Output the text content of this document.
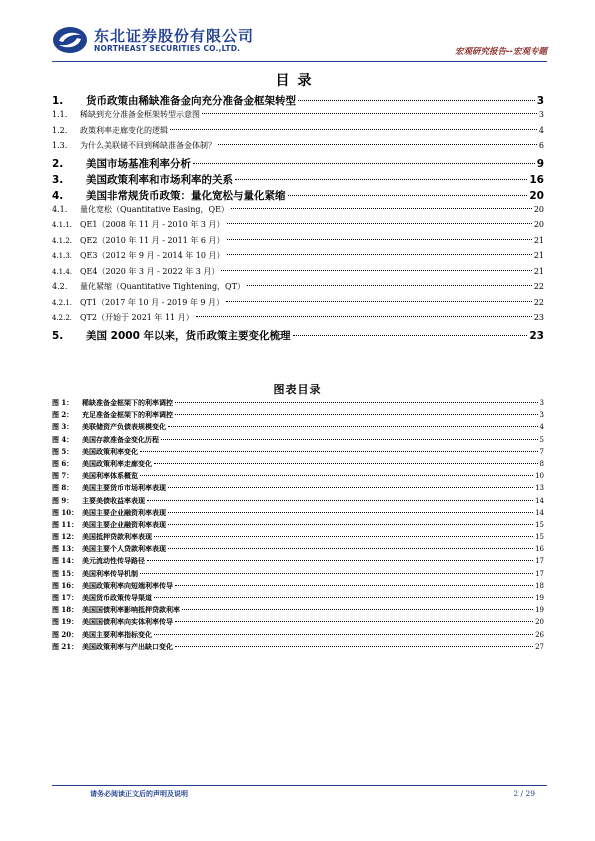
东北证券股份有限公司
NORTHEAST SECURITIES CO.,LTD.	宏观研究报告--宏观专题
目录
1.	货币政策由稀缺准备金向充分准备金框架转型	3
1.1.	稀缺到充分准备金框架转型示意图	3
1.2.	政策利率走廊变化的逻辑	4
1.3.	为什么美联储不回到稀缺准备金体制？	6
2.	美国市场基准利率分析	9
3.	美国政策利率和市场利率的关系	16
4.	美国非常规货币政策：量化宽松与量化紧缩	20
4.1.	量化宽松（Quantitative Easing，QE）	20
4.1.1. QE1（2008 年 11 月 - 2010 年 3 月）	20
4.1.2. QE2（2010 年 11 月 - 2011 年 6 月）	21
4.1.3. QE3（2012 年 9 月 - 2014 年 10 月）	21
4.1.4. QE4（2020 年 3 月 - 2022 年 3 月）	21
4.2.	量化紧缩（Quantitative Tightening，QT）	22
4.2.1. QT1（2017 年 10 月 - 2019 年 9 月）	22
4.2.2. QT2（开始于 2021 年 11 月）	23
5.	美国 2000 年以来，货币政策主要变化梳理	23
图表目录
图 1：	稀缺准备金框架下的利率调控	3
图 2：	充足准备金框架下的利率调控	3
图 3：	美联储资产负债表规模变化	4
图 4：	美国存款准备金变化历程	5
图 5：	美国政策利率变化	7
图 6：	美国政策利率走廊变化	8
图 7：	美国利率体系概览	10
图 8：	美国主要货币市场利率表现	13
图 9：	主要美债收益率表现	14
图 10： 美国主要企业融资利率表现	14
图 11： 美国主要企业融资利率表现	15
图 12： 美国抵押贷款利率表现	15
图 13： 美国主要个人贷款利率表现	16
图 14： 美元流动性传导路径	17
图 15： 美国利率传导机制	17
图 16： 美国政策利率向短端利率传导	18
图 17： 美国货币政策传导渠道	19
图 18： 美国国债利率影响抵押贷款利率	19
图 19： 美国国债利率向实体利率传导	20
图 20： 美国主要利率指标变化	26
图 21： 美国政策利率与产出缺口变化	27
请务必阅读正文后的声明及说明	2 / 29
